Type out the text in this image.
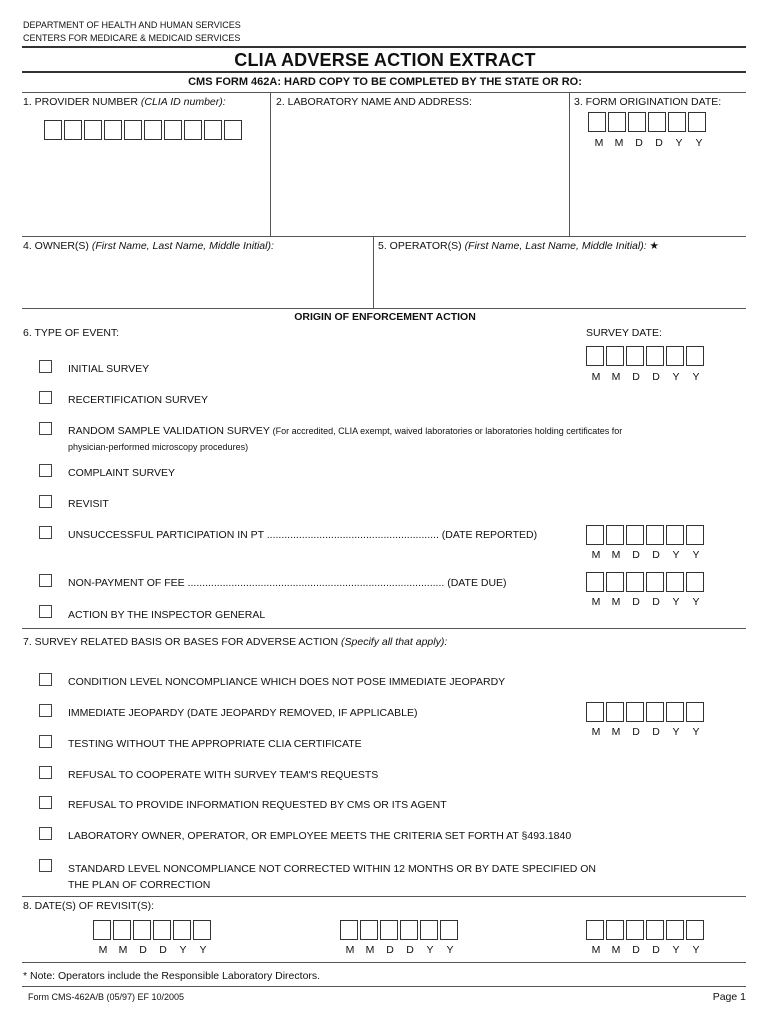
DEPARTMENT OF HEALTH AND HUMAN SERVICES
CENTERS FOR MEDICARE & MEDICAID SERVICES
CLIA ADVERSE ACTION EXTRACT
CMS FORM 462A: HARD COPY TO BE COMPLETED BY THE STATE OR RO:
1. PROVIDER NUMBER (CLIA ID number):	2. LABORATORY NAME AND ADDRESS:	3. FORM ORIGINATION DATE:
M	M	D	D	Y	Y
4. OWNER(S) (First Name, Last Name, Middle Initial):	5. OPERATOR(S) (First Name, Last Name, Middle Initial): ★
ORIGIN OF ENFORCEMENT ACTION
6. TYPE OF EVENT:	SURVEY DATE:
M	M	D	D	Y	Y
INITIAL SURVEY
RECERTIFICATION SURVEY
RANDOM SAMPLE VALIDATION SURVEY (For accredited, CLIA exempt, waived laboratories or laboratories holding certificates for
physician-performed microscopy procedures)
COMPLAINT SURVEY
REVISIT
UNSUCCESSFUL PARTICIPATION IN PT ........................................................... (DATE REPORTED)
M	M	D	D	Y	Y
NON-PAYMENT OF FEE ........................................................................................ (DATE DUE)
M	M	D	D	Y	Y
ACTION BY THE INSPECTOR GENERAL
7. SURVEY RELATED BASIS OR BASES FOR ADVERSE ACTION (Specify all that apply):
CONDITION LEVEL NONCOMPLIANCE WHICH DOES NOT POSE IMMEDIATE JEOPARDY
IMMEDIATE JEOPARDY (DATE JEOPARDY REMOVED, IF APPLICABLE)
M	M	D	D	Y	Y
TESTING WITHOUT THE APPROPRIATE CLIA CERTIFICATE
REFUSAL TO COOPERATE WITH SURVEY TEAM'S REQUESTS
REFUSAL TO PROVIDE INFORMATION REQUESTED BY CMS OR ITS AGENT
LABORATORY OWNER, OPERATOR, OR EMPLOYEE MEETS THE CRITERIA SET FORTH AT §493.1840
STANDARD LEVEL NONCOMPLIANCE NOT CORRECTED WITHIN 12 MONTHS OR BY DATE SPECIFIED ON
THE PLAN OF CORRECTION
8. DATE(S) OF REVISIT(S):
M	M	D	D	Y	Y	M	M	D	D	Y	Y	M	M	D	D	Y	Y
* Note: Operators include the Responsible Laboratory Directors.
Form CMS-462A/B (05/97) EF 10/2005	Page 1
